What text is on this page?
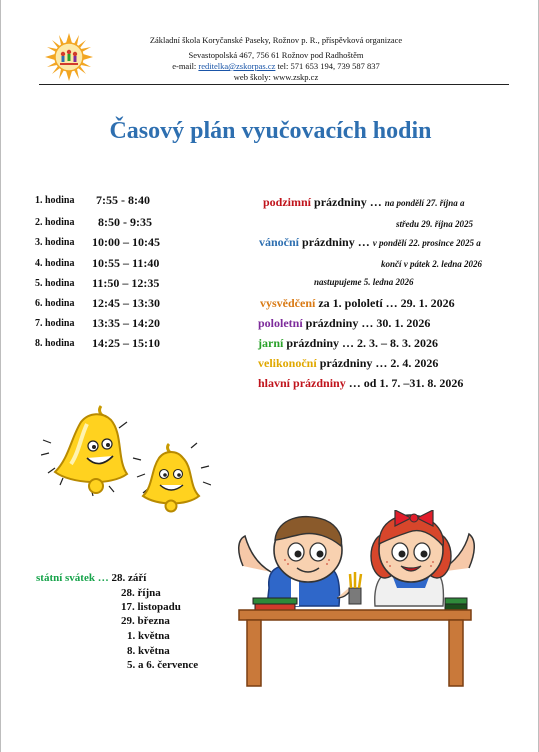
Základní škola Koryčanské Paseky, Rožnov p. R., příspěvková organizace
Sevastopolská 467, 756 61 Rožnov pod Radhoštěm
e-mail: reditelka@zskorpas.cz tel: 571 653 194, 739 587 837
web školy: www.zskp.cz
Časový plán vyučovacích hodin
1. hodina 7:55 - 8:40
2. hodina 8:50 - 9:35
3. hodina 10:00 – 10:45
4. hodina 10:55 – 11:40
5. hodina 11:50 – 12:35
6. hodina 12:45 – 13:30
7. hodina 13:35 – 14:20
8. hodina 14:25 – 15:10
podzimní prázdniny … na pondělí 27. října a
středu 29. října 2025
vánoční prázdniny … v pondělí 22. prosince 2025 a
končí v pátek 2. ledna 2026
nastupujeme 5. ledna 2026
vysvědčení za 1. pololetí … 29. 1. 2026
pololetní prázdniny … 30. 1. 2026
jarní prázdniny … 2. 3. – 8. 3. 2026
velikonoční prázdniny … 2. 4. 2026
hlavní prázdniny … od 1. 7. –31. 8. 2026
státní svátek … 28. září
28. října
17. listopadu
29. března
1. května
8. května
5. a 6. července
